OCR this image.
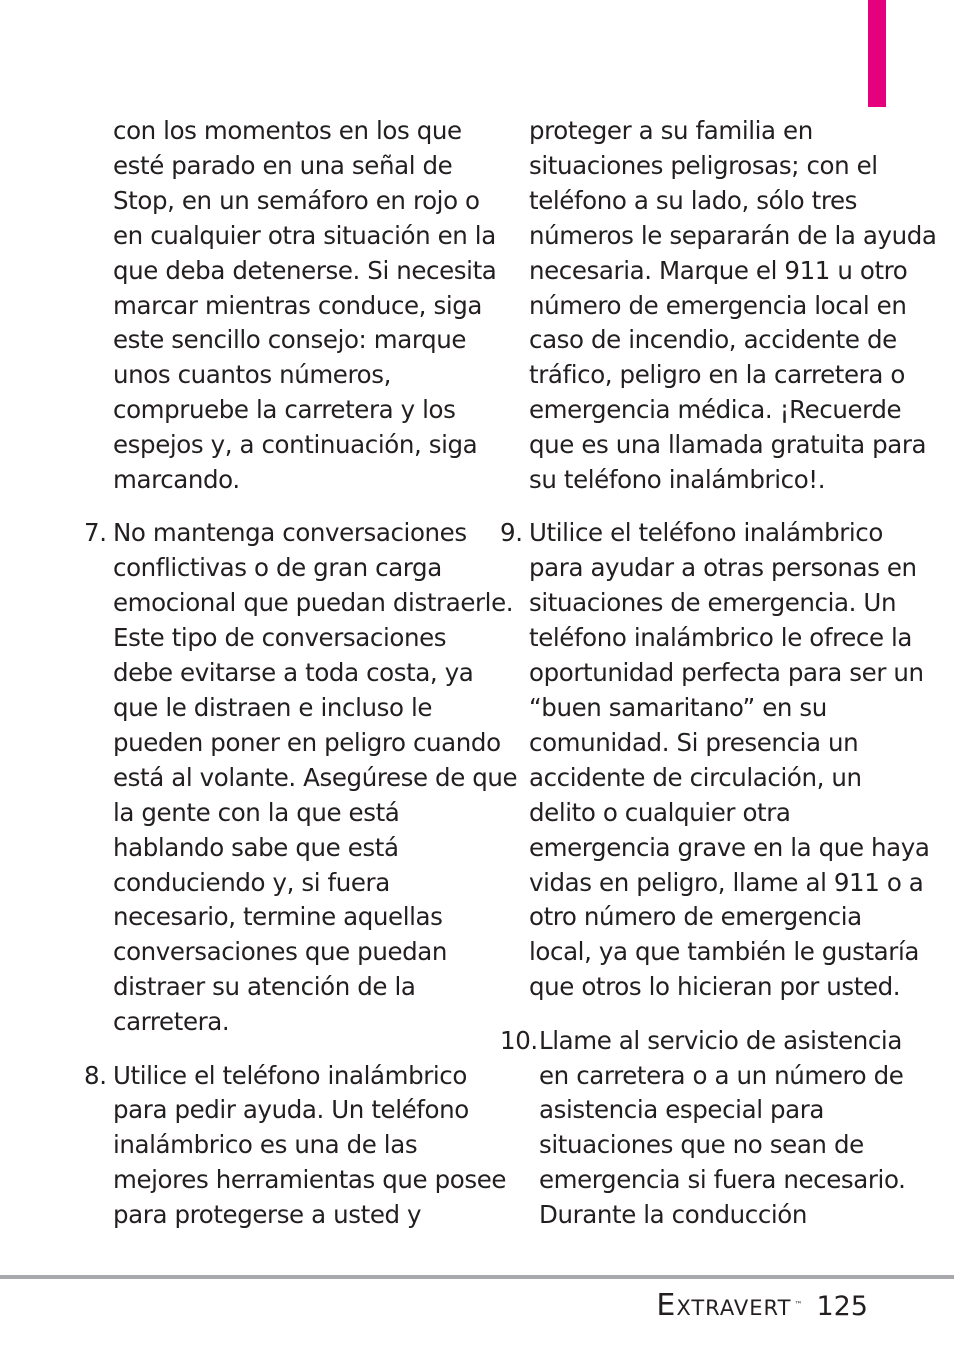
con los momentos en los que
esté parado en una señal de
Stop, en un semáforo en rojo o
en cualquier otra situación en la
que deba detenerse. Si necesita
marcar mientras conduce, siga
este sencillo consejo: marque
unos cuantos números,
compruebe la carretera y los
espejos y, a continuación, siga
marcando.
7. No mantenga conversaciones
conflictivas o de gran carga
emocional que puedan distraerle.
Este tipo de conversaciones
debe evitarse a toda costa, ya
que le distraen e incluso le
pueden poner en peligro cuando
está al volante. Asegúrese de que
la gente con la que está
hablando sabe que está
conduciendo y, si fuera
necesario, termine aquellas
conversaciones que puedan
distraer su atención de la
carretera.
8. Utilice el teléfono inalámbrico
para pedir ayuda. Un teléfono
inalámbrico es una de las
mejores herramientas que posee
para protegerse a usted y
proteger a su familia en
situaciones peligrosas; con el
teléfono a su lado, sólo tres
números le separarán de la ayuda
necesaria. Marque el 911 u otro
número de emergencia local en
caso de incendio, accidente de
tráfico, peligro en la carretera o
emergencia médica. ¡Recuerde
que es una llamada gratuita para
su teléfono inalámbrico!.
9. Utilice el teléfono inalámbrico
para ayudar a otras personas en
situaciones de emergencia. Un
teléfono inalámbrico le ofrece la
oportunidad perfecta para ser un
“buen samaritano” en su
comunidad. Si presencia un
accidente de circulación, un
delito o cualquier otra
emergencia grave en la que haya
vidas en peligro, llame al 911 o a
otro número de emergencia
local, ya que también le gustaría
que otros lo hicieran por usted.
10. Llame al servicio de asistencia
en carretera o a un número de
asistencia especial para
situaciones que no sean de
emergencia si fuera necesario.
Durante la conducción
Extravert ™ 125
